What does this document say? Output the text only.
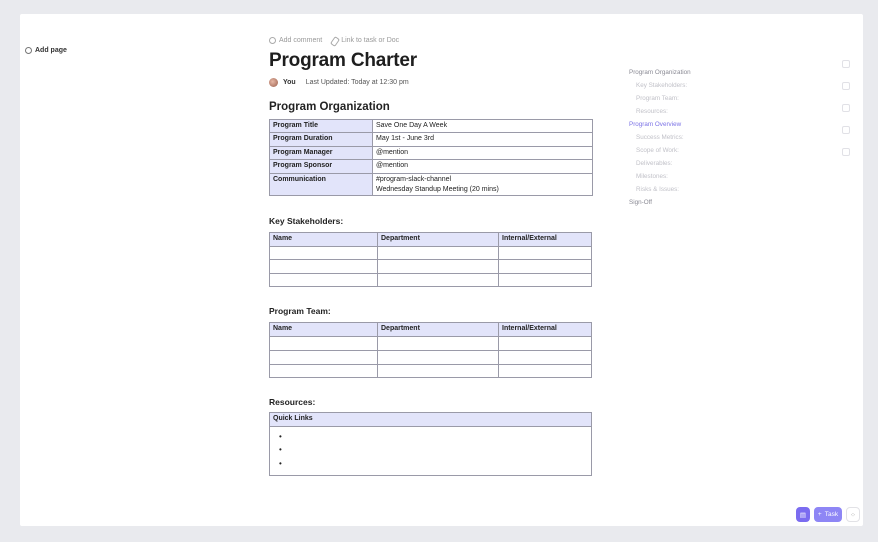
Add page
Add comment	Link to task or Doc
Program Charter
You Last Updated: Today at 12:30 pm
Program Organization
Program Title	Save One Day A Week
Program Duration	May 1st - June 3rd
Program Manager	@mention
Program Sponsor	@mention
Communication	#program-slack-channel
Wednesday Standup Meeting (20 mins)
Key Stakeholders:
Name	Department	Internal/External

Program Team:
Name	Department	Internal/External

Resources:
Quick Links

•
•
•
Program Organization
Key Stakeholders:
Program Team:
Resources:
Program Overview
Success Metrics:
Scope of Work:
Deliverables:
Milestones:
Risks & Issues:
Sign-Off
▤ + Task ⁘
